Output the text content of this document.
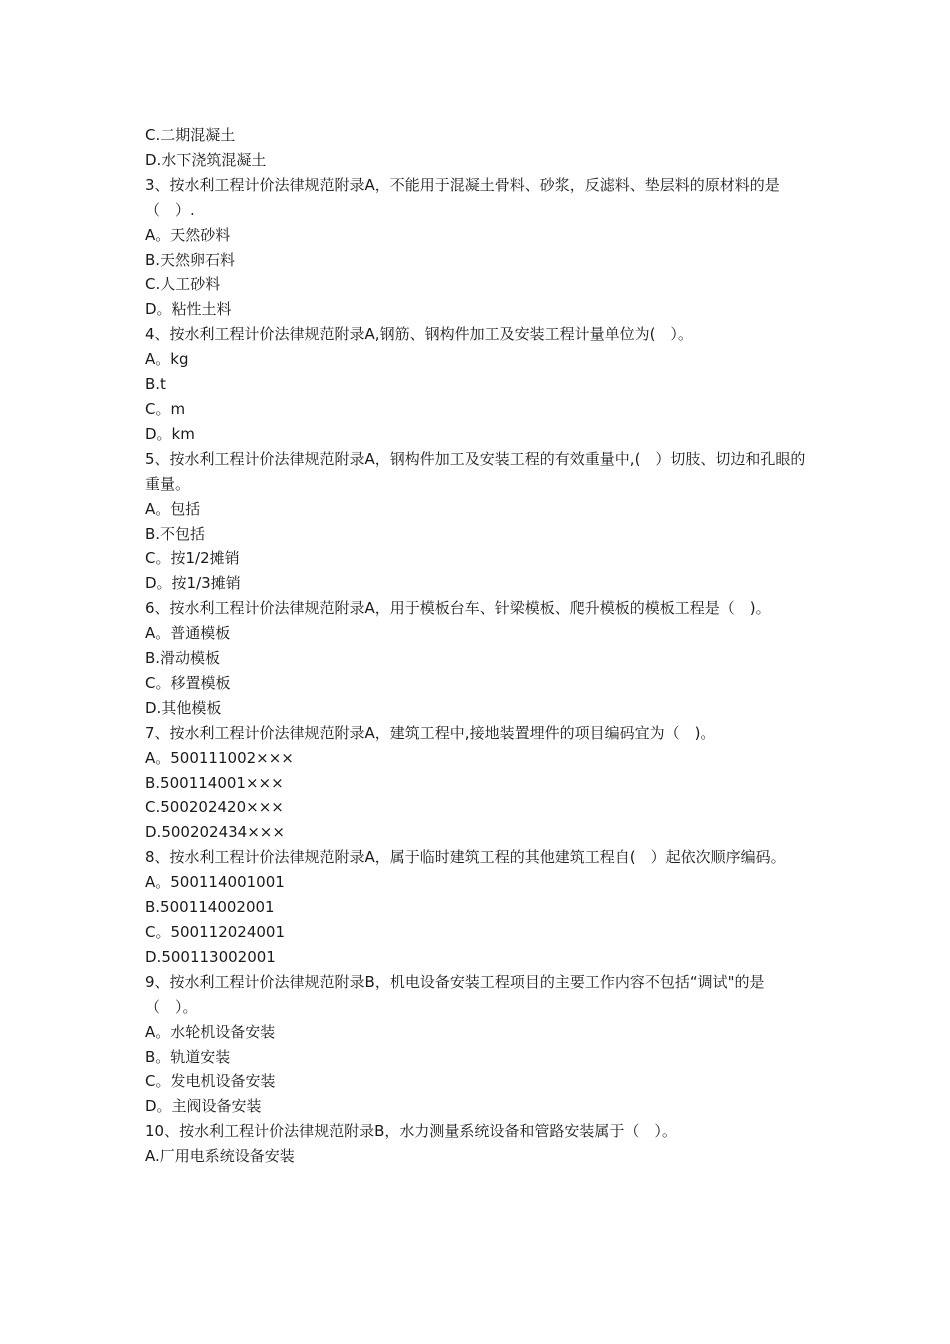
C.二期混凝土
D.水下浇筑混凝土
3、按水利工程计价法律规范附录A，不能用于混凝土骨料、砂浆，反滤料、垫层料的原材料的是（　）.
A。天然砂料
B.天然卵石料
C.人工砂料
D。粘性土料
4、按水利工程计价法律规范附录A,钢筋、钢构件加工及安装工程计量单位为(　）。
A。kg
B.t
C。m
D。km
5、按水利工程计价法律规范附录A，钢构件加工及安装工程的有效重量中,(　）切肢、切边和孔眼的重量。
A。包括
B.不包括
C。按1/2摊销
D。按1/3摊销
6、按水利工程计价法律规范附录A，用于模板台车、针梁模板、爬升模板的模板工程是（　)。
A。普通模板
B.滑动模板
C。移置模板
D.其他模板
7、按水利工程计价法律规范附录A，建筑工程中,接地装置埋件的项目编码宜为（　)。
A。500111002×××
B.500114001×××
C.500202420×××
D.500202434×××
8、按水利工程计价法律规范附录A，属于临时建筑工程的其他建筑工程自(　）起依次顺序编码。
A。500114001001
B.500114002001
C。500112024001
D.500113002001
9、按水利工程计价法律规范附录B，机电设备安装工程项目的主要工作内容不包括“调试"的是（　）。
A。水轮机设备安装
B。轨道安装
C。发电机设备安装
D。主阀设备安装
10、按水利工程计价法律规范附录B，水力测量系统设备和管路安装属于（　）。
A.厂用电系统设备安装
